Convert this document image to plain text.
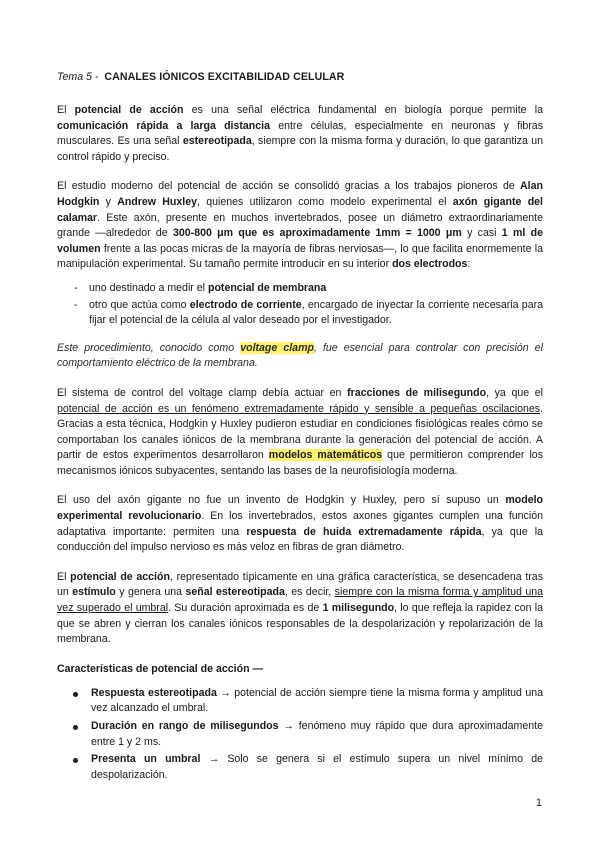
Tema 5 - CANALES IÓNICOS EXCITABILIDAD CELULAR

El potencial de acción es una señal eléctrica fundamental en biología porque permite la comunicación rápida a larga distancia entre células, especialmente en neuronas y fibras musculares. Es una señal estereotipada, siempre con la misma forma y duración, lo que garantiza un control rápido y preciso.

El estudio moderno del potencial de acción se consolidó gracias a los trabajos pioneros de Alan Hodgkin y Andrew Huxley, quienes utilizaron como modelo experimental el axón gigante del calamar. Este axón, presente en muchos invertebrados, posee un diámetro extraordinariamente grande —alrededor de 300-800 μm que es aproximadamente 1mm = 1000 μm y casi 1 ml de volumen frente a las pocas micras de la mayoría de fibras nerviosas—, lo que facilita enormemente la manipulación experimental. Su tamaño permite introducir en su interior dos electrodos:

- uno destinado a medir el potencial de membrana
- otro que actúa como electrodo de corriente, encargado de inyectar la corriente necesaria para fijar el potencial de la célula al valor deseado por el investigador.

Este procedimiento, conocido como voltage clamp, fue esencial para controlar con precisión el comportamiento eléctrico de la membrana.

El sistema de control del voltage clamp debía actuar en fracciones de milisegundo, ya que el potencial de acción es un fenómeno extremadamente rápido y sensible a pequeñas oscilaciones. Gracias a esta técnica, Hodgkin y Huxley pudieron estudiar en condiciones fisiológicas reales cómo se comportaban los canales iónicos de la membrana durante la generación del potencial de acción. A partir de estos experimentos desarrollaron modelos matemáticos que permitieron comprender los mecanismos iónicos subyacentes, sentando las bases de la neurofisiología moderna.

El uso del axón gigante no fue un invento de Hodgkin y Huxley, pero sí supuso un modelo experimental revolucionario. En los invertebrados, estos axones gigantes cumplen una función adaptativa importante: permiten una respuesta de huida extremadamente rápida, ya que la conducción del impulso nervioso es más veloz en fibras de gran diámetro.

El potencial de acción, representado típicamente en una gráfica característica, se desencadena tras un estímulo y genera una señal estereotipada, es decir, siempre con la misma forma y amplitud una vez superado el umbral. Su duración aproximada es de 1 milisegundo, lo que refleja la rapidez con la que se abren y cierran los canales iónicos responsables de la despolarización y repolarización de la membrana.

Características de potencial de acción —
Respuesta estereotipada → potencial de acción siempre tiene la misma forma y amplitud una vez alcanzado el umbral.
Duración en rango de milisegundos → fenómeno muy rápido que dura aproximadamente entre 1 y 2 ms.
Presenta un umbral → Solo se genera si el estímulo supera un nivel mínimo de despolarización.
1
